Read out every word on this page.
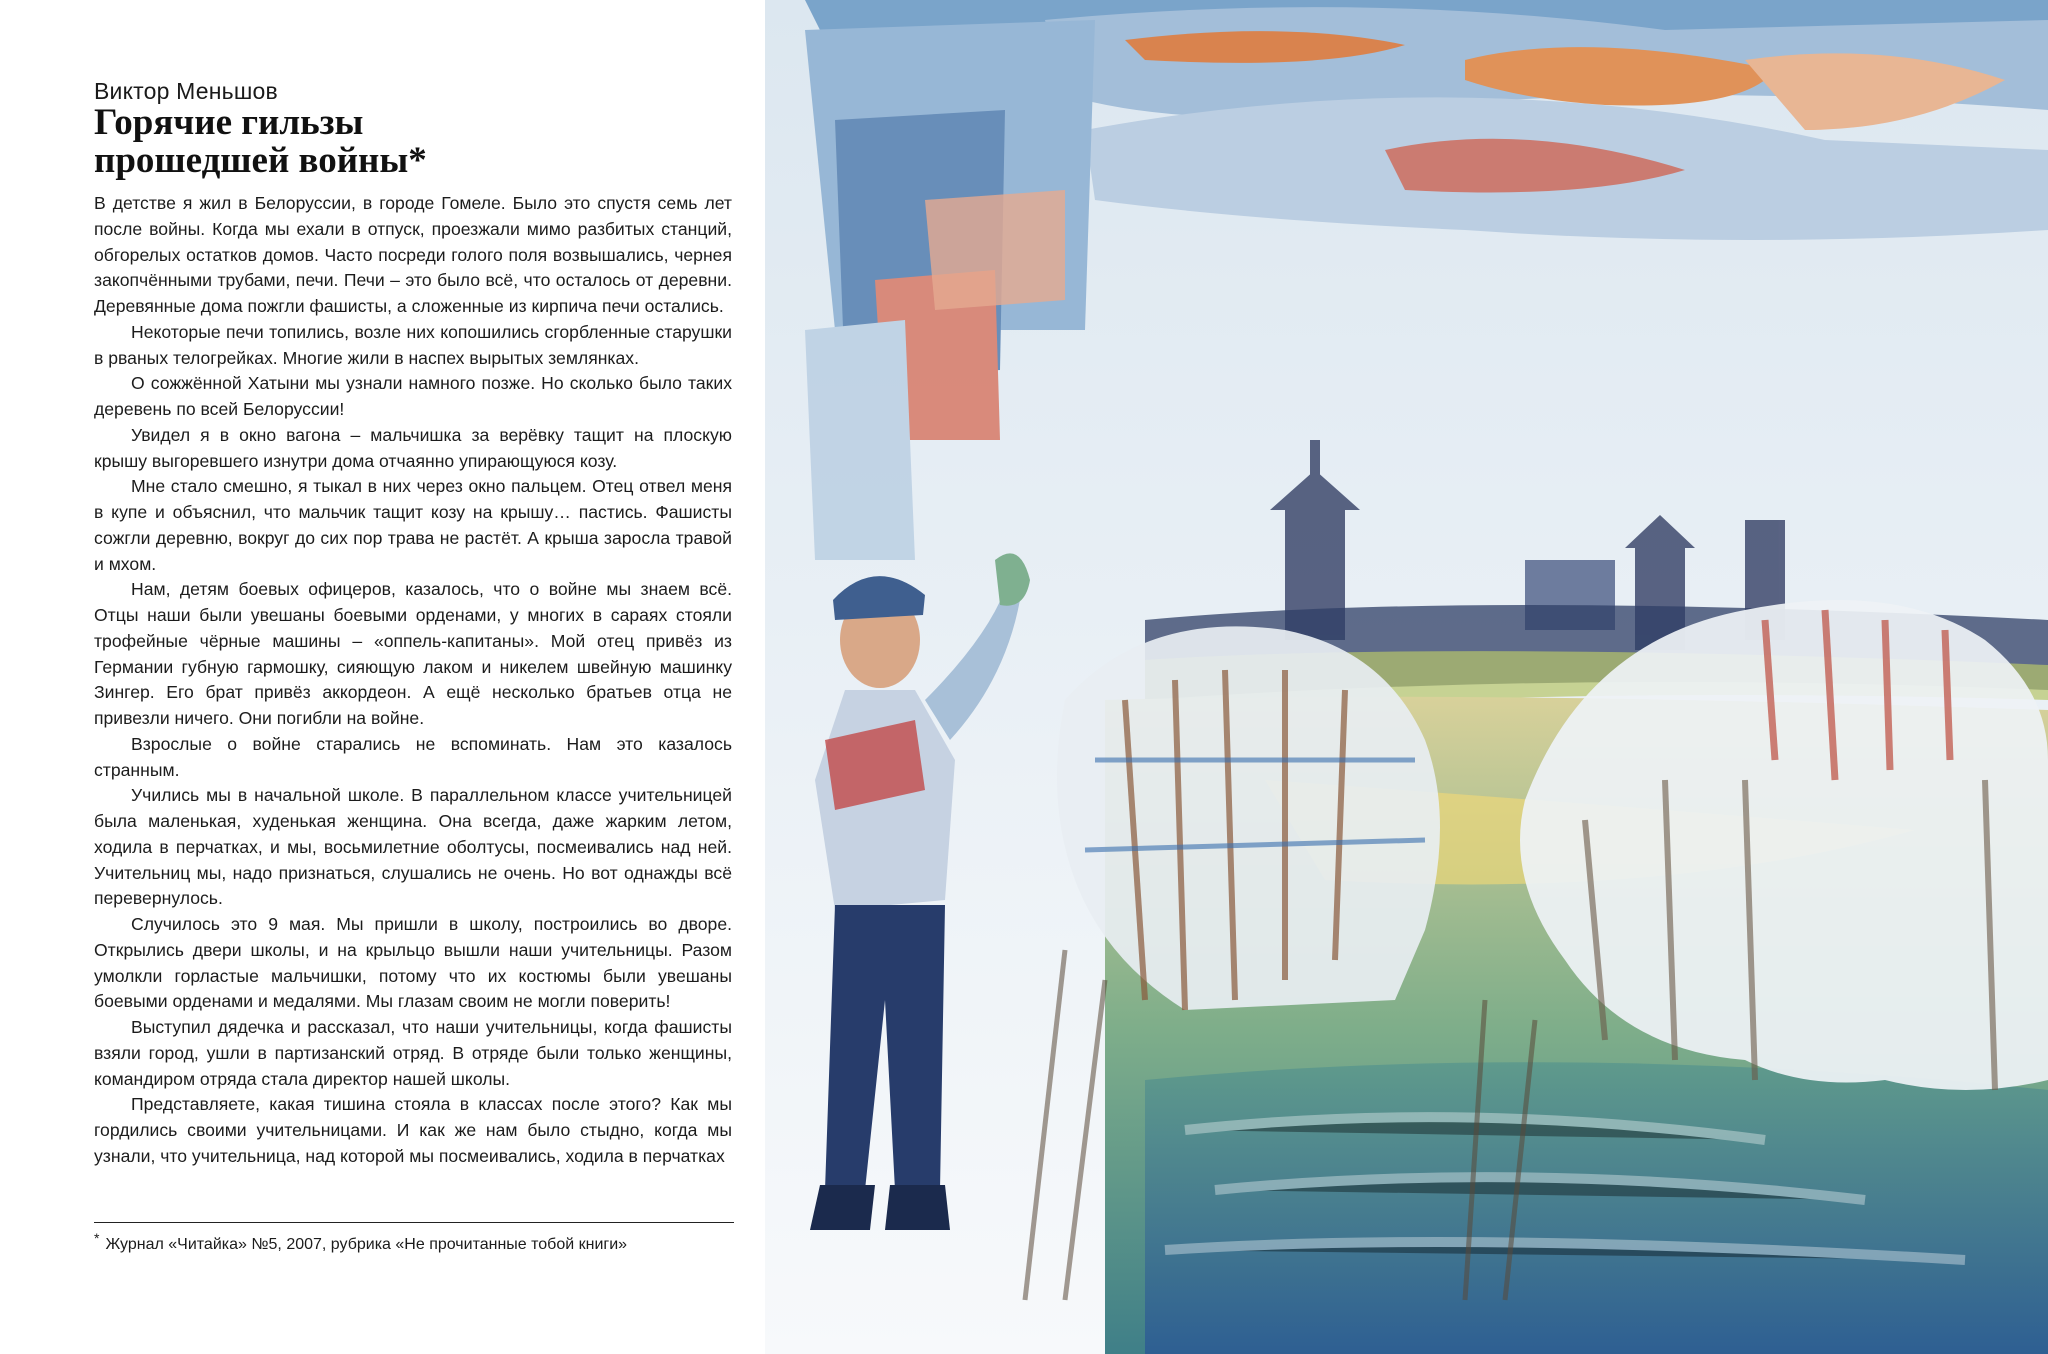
Виктор Меньшов
Горячие гильзы
прошедшей войны*

В детстве я жил в Белоруссии, в городе Гомеле. Было это спустя семь лет после войны. Когда мы ехали в отпуск, проезжали мимо разбитых станций, обгорелых остатков домов. Часто посреди голого поля возвышались, чернея закопчёнными трубами, печи. Печи – это было всё, что осталось от деревни. Деревянные дома пожгли фашисты, а сложенные из кирпича печи остались.

Некоторые печи топились, возле них копошились сгорбленные старушки в рваных телогрейках. Многие жили в наспех вырытых землянках.

О сожжённой Хатыни мы узнали намного позже. Но сколько было таких деревень по всей Белоруссии!

Увидел я в окно вагона – мальчишка за верёвку тащит на плоскую крышу выгоревшего изнутри дома отчаянно упирающуюся козу.

Мне стало смешно, я тыкал в них через окно пальцем. Отец отвел меня в купе и объяснил, что мальчик тащит козу на крышу… пастись. Фашисты сожгли деревню, вокруг до сих пор трава не растёт. А крыша заросла травой и мхом.

Нам, детям боевых офицеров, казалось, что о войне мы знаем всё. Отцы наши были увешаны боевыми орденами, у многих в сараях стояли трофейные чёрные машины – «оппель-капитаны». Мой отец привёз из Германии губную гармошку, сияющую лаком и никелем швейную машинку Зингер. Его брат привёз аккордеон. А ещё несколько братьев отца не привезли ничего. Они погибли на войне.

Взрослые о войне старались не вспоминать. Нам это казалось странным.

Учились мы в начальной школе. В параллельном классе учительницей была маленькая, худенькая женщина. Она всегда, даже жарким летом, ходила в перчатках, и мы, восьмилетние оболтусы, посмеивались над ней. Учительниц мы, надо признаться, слушались не очень. Но вот однажды всё перевернулось.

Случилось это 9 мая. Мы пришли в школу, построились во дворе. Открылись двери школы, и на крыльцо вышли наши учительницы. Разом умолкли горластые мальчишки, потому что их костюмы были увешаны боевыми орденами и медалями. Мы глазам своим не могли поверить!

Выступил дядечка и рассказал, что наши учительницы, когда фашисты взяли город, ушли в партизанский отряд. В отряде были только женщины, командиром отряда стала директор нашей школы.

Представляете, какая тишина стояла в классах после этого? Как мы гордились своими учительницами. И как же нам было стыдно, когда мы узнали, что учительница, над которой мы посмеивались, ходила в перчатках

* Журнал «Читайка» №5, 2007, рубрика «Не прочитанные тобой книги»
